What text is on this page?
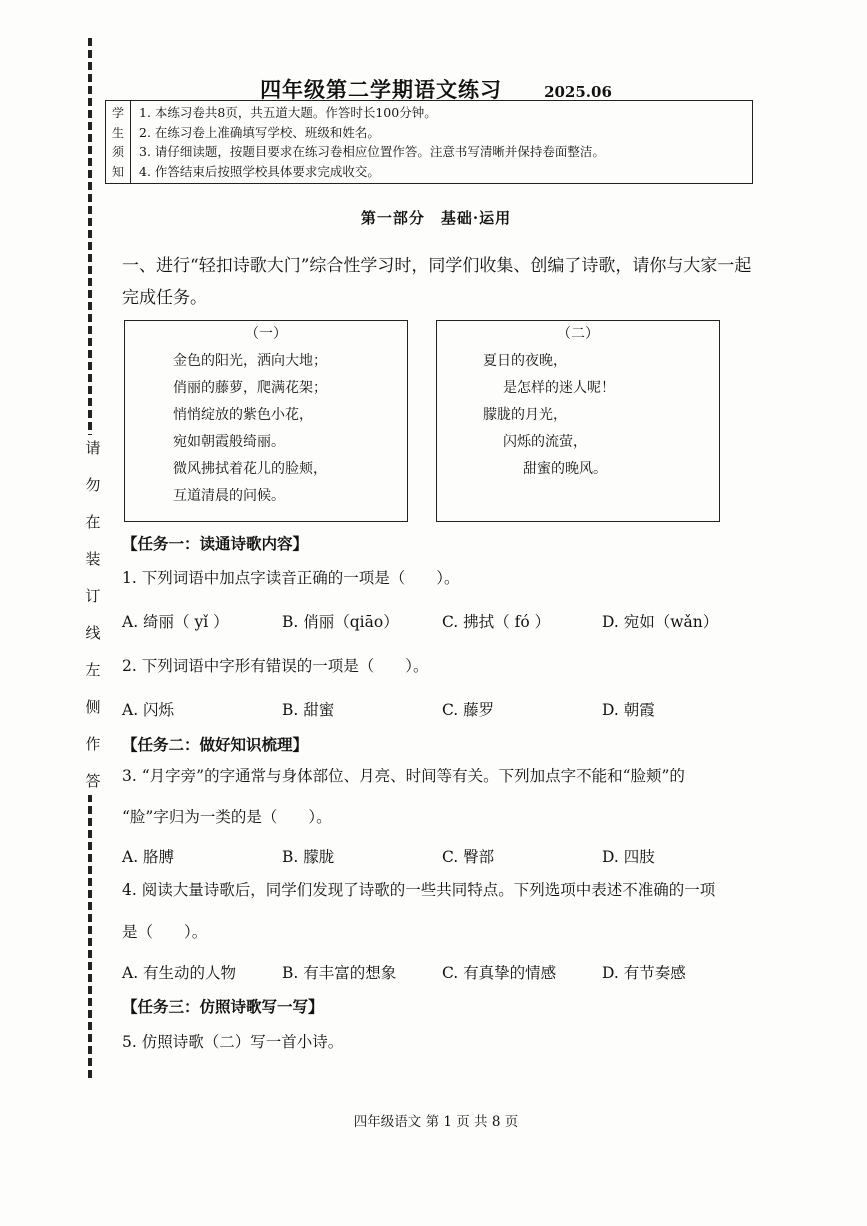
请
勿
在
装
订
线
左
侧
作
答
四年级第二学期语文练习	2025.06
学
生
须
知
1. 本练习卷共8页，共五道大题。作答时长100分钟。
2. 在练习卷上准确填写学校、班级和姓名。
3. 请仔细读题，按题目要求在练习卷相应位置作答。注意书写清晰并保持卷面整洁。
4. 作答结束后按照学校具体要求完成收交。
第一部分　基础·运用
一、进行“轻扣诗歌大门”综合性学习时，同学们收集、创编了诗歌，请你与大家一起完成任务。
（一）
金色的阳光，洒向大地；
俏丽的藤萝，爬满花架；
悄悄绽放的紫色小花，
宛如朝霞般绮丽。
微风拂拭着花儿的脸颊，
互道清晨的问候。
（二）
夏日的夜晚，
是怎样的迷人呢！
朦胧的月光，
闪烁的流萤，
甜蜜的晚风。
【任务一：读通诗歌内容】
1. 下列词语中加点字读音正确的一项是（　　）。
A. 绮丽（ yǐ ）	B. 俏丽（qiāo）	C. 拂拭（ fó ）	D. 宛如（wǎn）
2. 下列词语中字形有错误的一项是（　　）。
A. 闪烁	B. 甜蜜	C. 藤罗	D. 朝霞
【任务二：做好知识梳理】
3. “月字旁”的字通常与身体部位、月亮、时间等有关。下列加点字不能和“脸颊”的
“脸”字归为一类的是（　　）。
A. 胳膊	B. 朦胧	C. 臀部	D. 四肢
4. 阅读大量诗歌后，同学们发现了诗歌的一些共同特点。下列选项中表述不准确的一项
是（　　）。
A. 有生动的人物	B. 有丰富的想象	C. 有真挚的情感	D. 有节奏感
【任务三：仿照诗歌写一写】
5. 仿照诗歌（二）写一首小诗。
四年级语文 第 1 页 共 8 页
